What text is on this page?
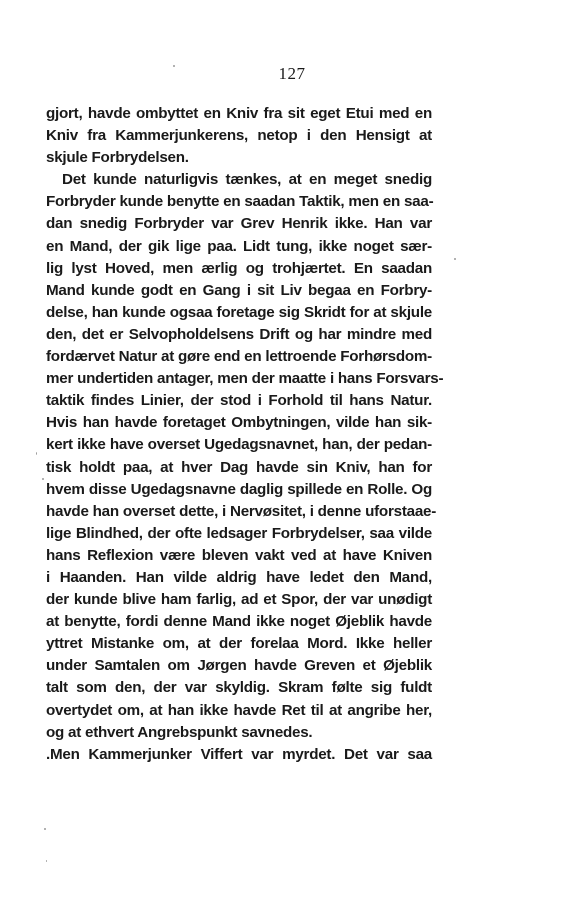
127
gjort, havde ombyttet en Kniv fra sit eget Etui med en
Kniv fra Kammerjunkerens, netop i den Hensigt at
skjule Forbrydelsen.
Det kunde naturligvis tænkes, at en meget snedig
Forbryder kunde benytte en saadan Taktik, men en saa-
dan snedig Forbryder var Grev Henrik ikke. Han var
en Mand, der gik lige paa. Lidt tung, ikke noget sær-
lig lyst Hoved, men ærlig og trohjærtet. En saadan
Mand kunde godt en Gang i sit Liv begaa en Forbry-
delse, han kunde ogsaa foretage sig Skridt for at skjule
den, det er Selvopholdelsens Drift og har mindre med
fordærvet Natur at gøre end en lettroende Forhørsdom-
mer undertiden antager, men der maatte i hans Forsvars-
taktik findes Linier, der stod i Forhold til hans Natur.
Hvis han havde foretaget Ombytningen, vilde han sik-
kert ikke have overset Ugedagsnavnet, han, der pedan-
tisk holdt paa, at hver Dag havde sin Kniv, han for
hvem disse Ugedagsnavne daglig spillede en Rolle. Og
havde han overset dette, i Nervøsitet, i denne uforstaae-
lige Blindhed, der ofte ledsager Forbrydelser, saa vilde
hans Reflexion være bleven vakt ved at have Kniven
i Haanden. Han vilde aldrig have ledet den Mand,
der kunde blive ham farlig, ad et Spor, der var unødigt
at benytte, fordi denne Mand ikke noget Øjeblik havde
yttret Mistanke om, at der forelaa Mord. Ikke heller
under Samtalen om Jørgen havde Greven et Øjeblik
talt som den, der var skyldig. Skram følte sig fuldt
overtydet om, at han ikke havde Ret til at angribe her,
og at ethvert Angrebspunkt savnedes.
.Men Kammerjunker Viffert var myrdet. Det var saa
